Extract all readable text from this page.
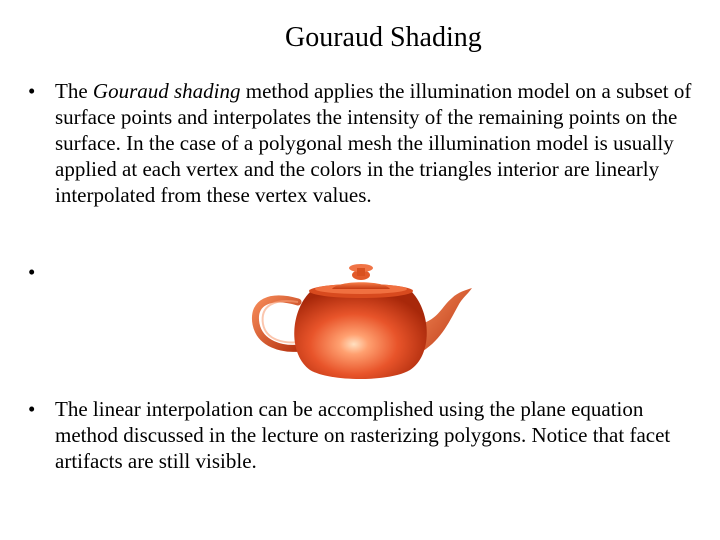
Gouraud Shading
• The Gouraud shading method applies the illumination model on a subset of surface points and interpolates the intensity of the remaining points on the surface. In the case of a polygonal mesh the illumination model is usually applied at each vertex and the colors in the triangles interior are linearly interpolated from these vertex values.
•
• The linear interpolation can be accomplished using the plane equation method discussed in the lecture on rasterizing polygons. Notice that facet artifacts are still visible.
